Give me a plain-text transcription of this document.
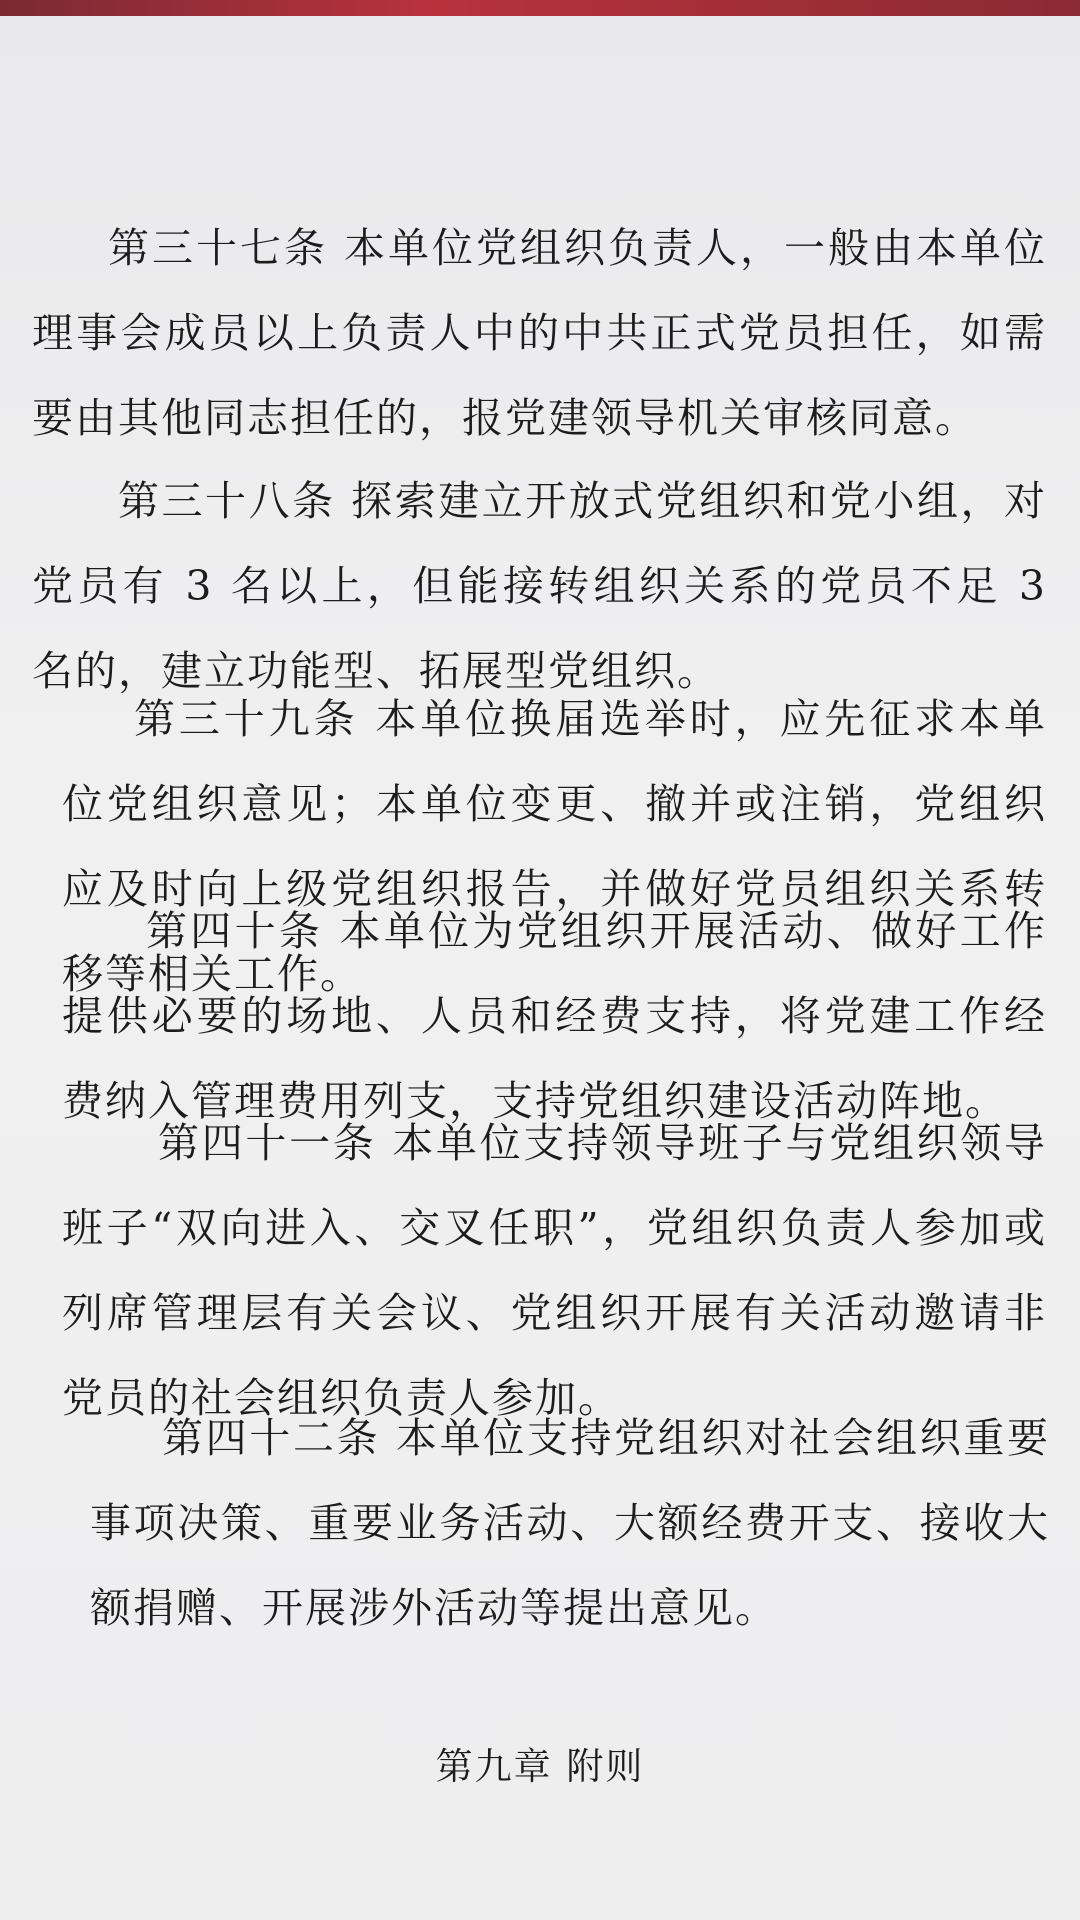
第三十七条 本单位党组织负责人，一般由本单位理事会成员以上负责人中的中共正式党员担任，如需要由其他同志担任的，报党建领导机关审核同意。

第三十八条 探索建立开放式党组织和党小组，对党员有 3 名以上，但能接转组织关系的党员不足 3 名的，建立功能型、拓展型党组织。

第三十九条 本单位换届选举时，应先征求本单位党组织意见；本单位变更、撤并或注销，党组织应及时向上级党组织报告，并做好党员组织关系转移等相关工作。

第四十条 本单位为党组织开展活动、做好工作提供必要的场地、人员和经费支持，将党建工作经费纳入管理费用列支，支持党组织建设活动阵地。

第四十一条 本单位支持领导班子与党组织领导班子“双向进入、交叉任职”，党组织负责人参加或列席管理层有关会议、党组织开展有关活动邀请非党员的社会组织负责人参加。

第四十二条 本单位支持党组织对社会组织重要事项决策、重要业务活动、大额经费开支、接收大额捐赠、开展涉外活动等提出意见。

第九章 附则
